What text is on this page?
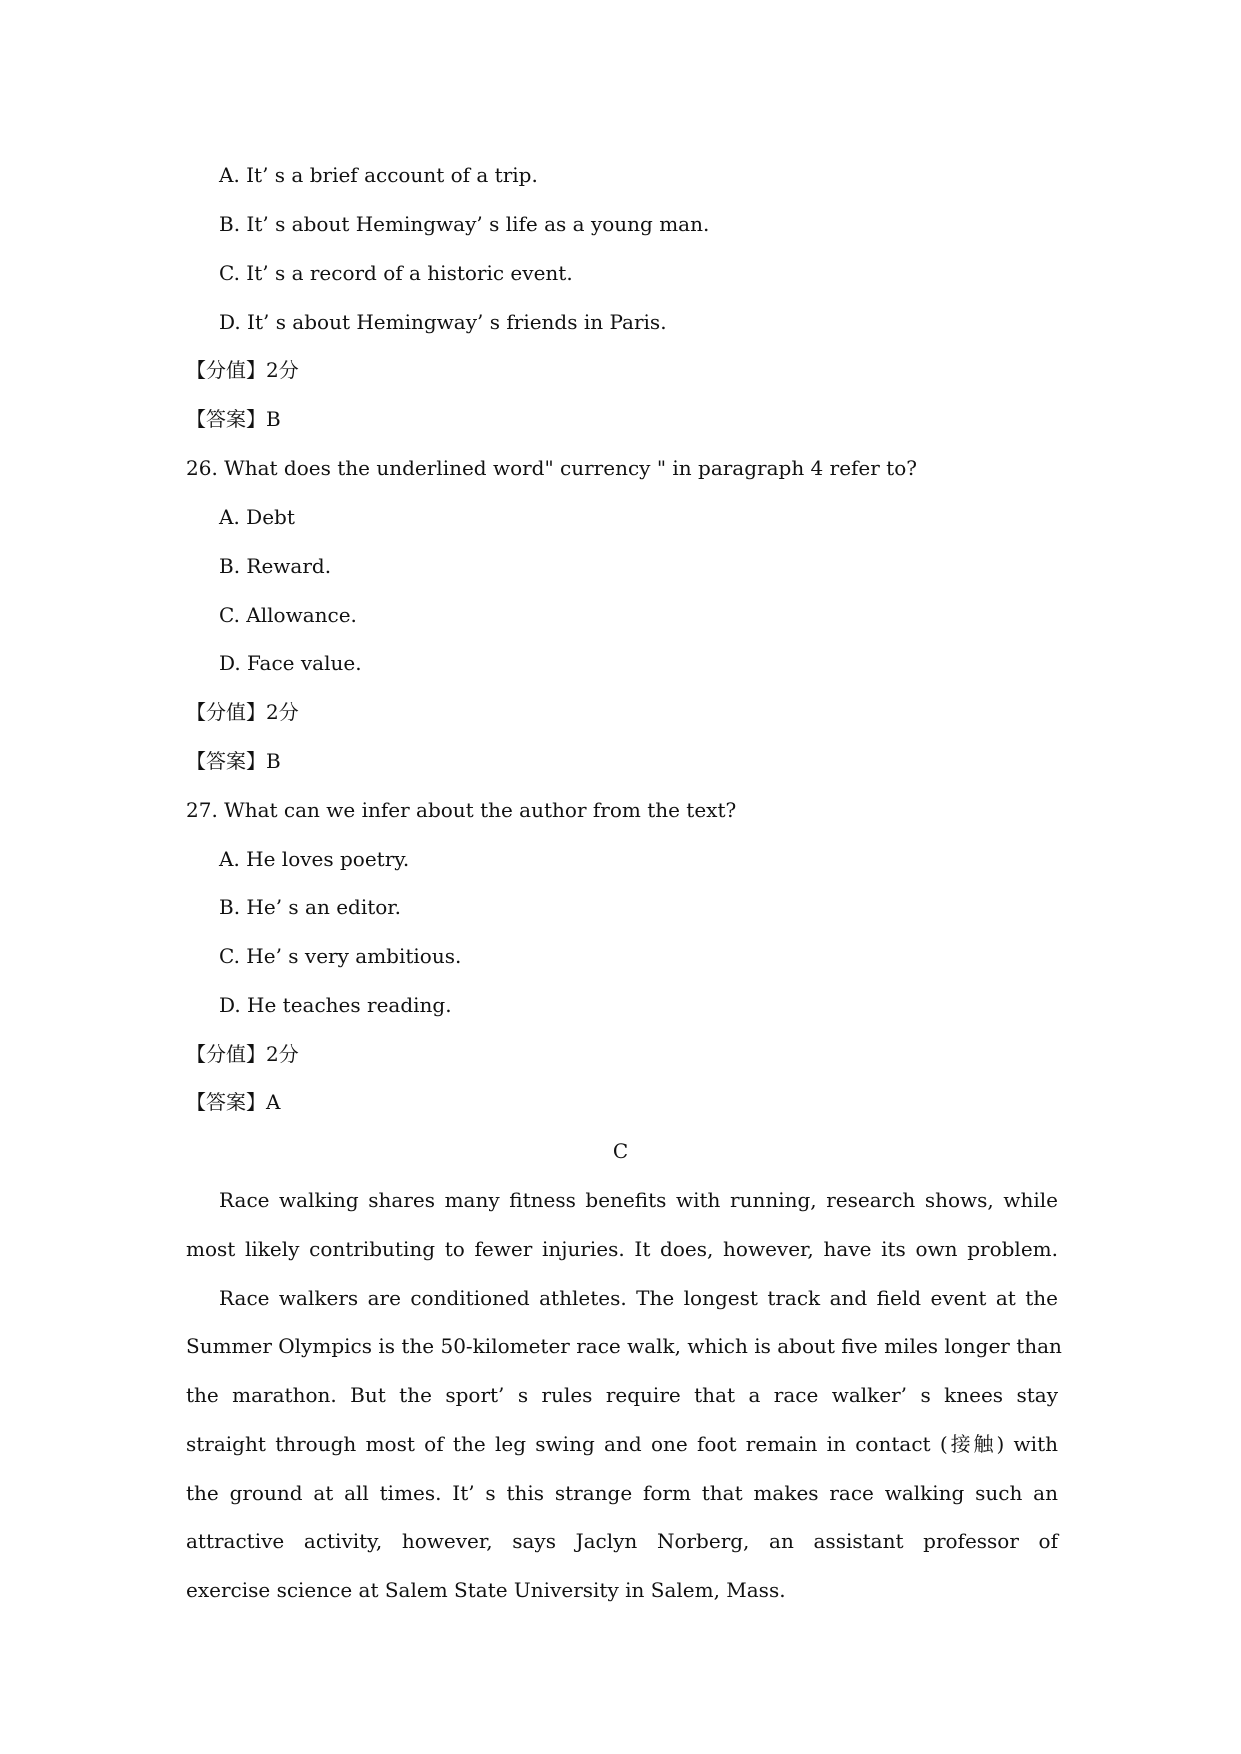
A. It’ s a brief account of a trip.
B. It’ s about Hemingway’ s life as a young man.
C. It’ s a record of a historic event.
D. It’ s about Hemingway’ s friends in Paris.
【分值】2分
【答案】B
26. What does the underlined word" currency " in paragraph 4 refer to?
A. Debt
B. Reward.
C. Allowance.
D. Face value.
【分值】2分
【答案】B
27. What can we infer about the author from the text?
A. He loves poetry.
B. He’ s an editor.
C. He’ s very ambitious.
D. He teaches reading.
【分值】2分
【答案】A
C
Race walking shares many fitness benefits with running, research shows, while
most likely contributing to fewer injuries. It does, however, have its own problem.
Race walkers are conditioned athletes. The longest track and field event at the
Summer Olympics is the 50-kilometer race walk, which is about five miles longer than
the marathon. But the sport’ s rules require that a race walker’ s knees stay
straight through most of the leg swing and one foot remain in contact (接触) with
the ground at all times. It’ s this strange form that makes race walking such an
attractive activity, however, says Jaclyn Norberg, an assistant professor of
exercise science at Salem State University in Salem, Mass.
